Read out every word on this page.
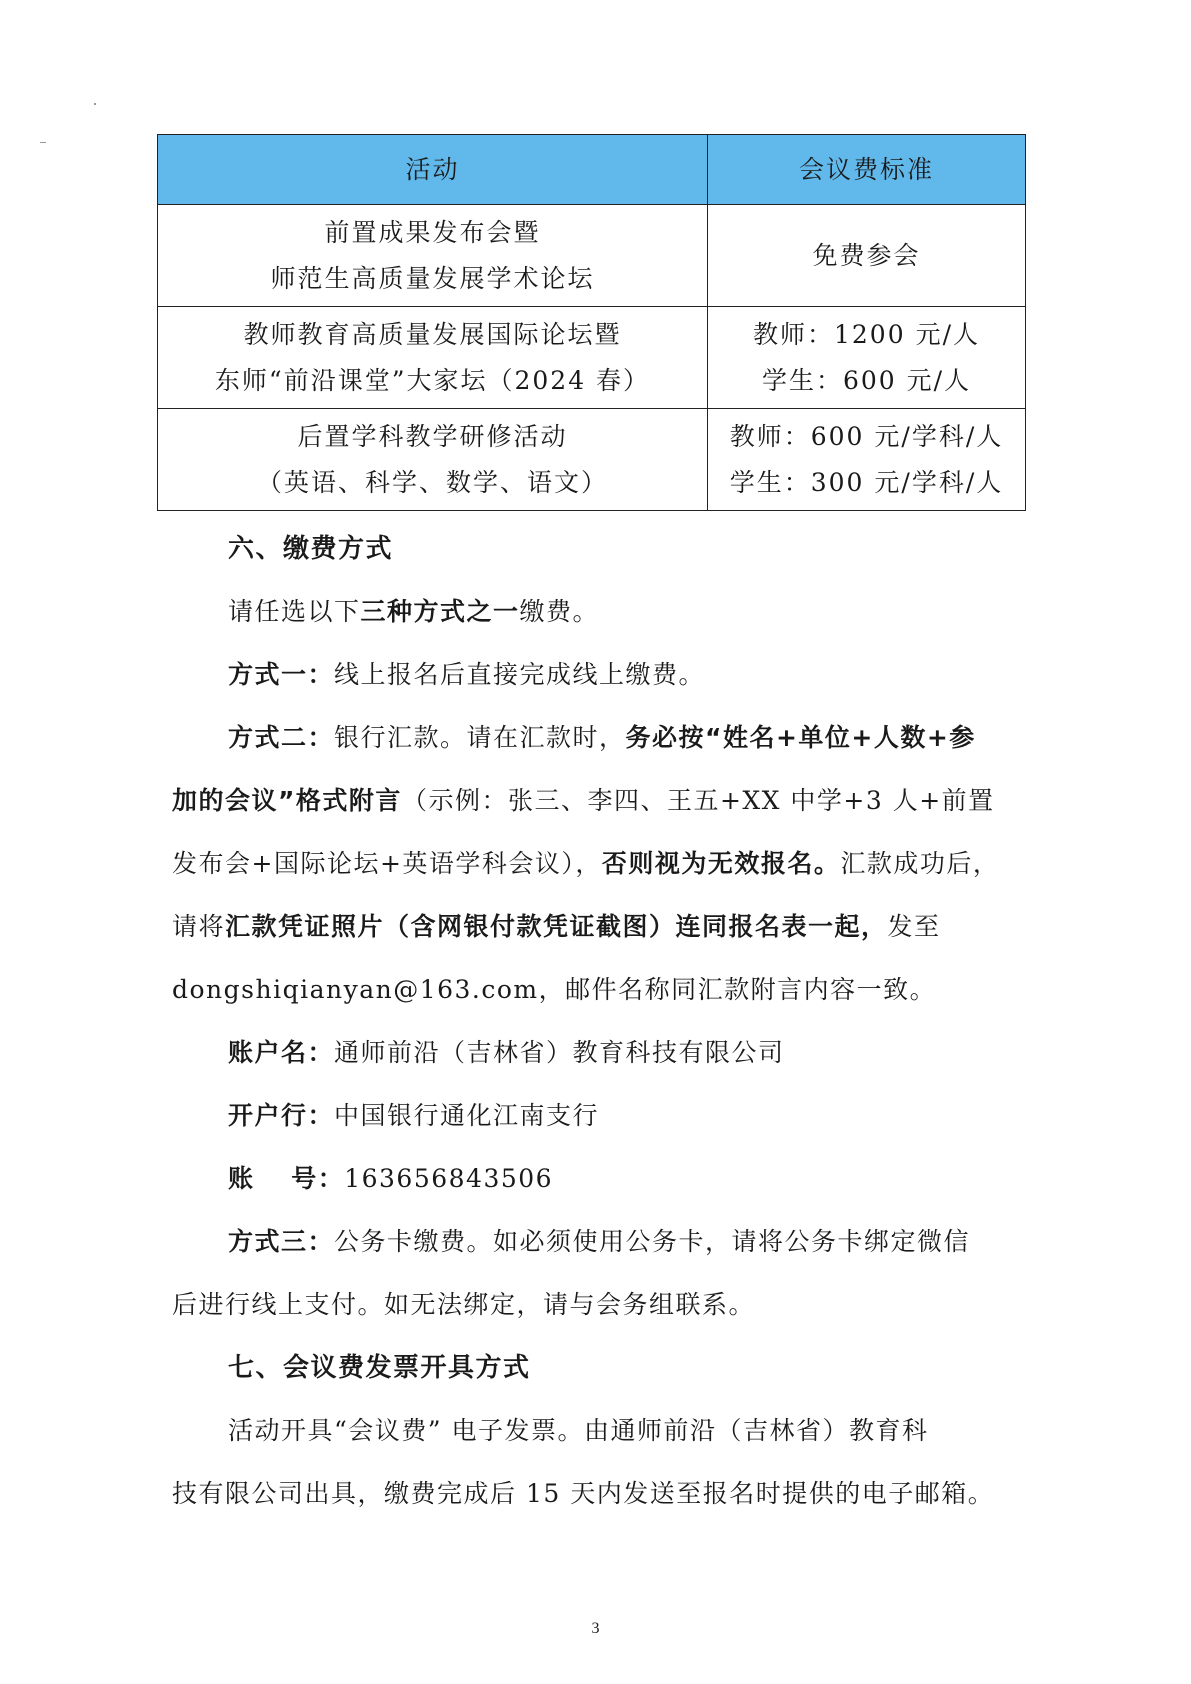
活动	会议费标准

前置成果发布会暨
师范生高质量发展学术论坛	免费参会

教师教育高质量发展国际论坛暨
东师“前沿课堂”大家坛（2024 春）	教师：1200 元/人
学生：600 元/人

后置学科教学研修活动
（英语、科学、数学、语文）	教师：600 元/学科/人
学生：300 元/学科/人

六、缴费方式

请任选以下三种方式之一缴费。

方式一：线上报名后直接完成线上缴费。

方式二：银行汇款。请在汇款时，务必按“姓名+单位+人数+参

加的会议”格式附言（示例：张三、李四、王五+XX 中学+3 人+前置

发布会+国际论坛+英语学科会议），否则视为无效报名。汇款成功后，

请将汇款凭证照片（含网银付款凭证截图）连同报名表一起，发至

dongshiqianyan@163.com，邮件名称同汇款附言内容一致。

账户名：通师前沿（吉林省）教育科技有限公司

开户行：中国银行通化江南支行

账　 号：163656843506

方式三：公务卡缴费。如必须使用公务卡，请将公务卡绑定微信

后进行线上支付。如无法绑定，请与会务组联系。

七、会议费发票开具方式

活动开具“会议费” 电子发票。由通师前沿（吉林省）教育科

技有限公司出具，缴费完成后 15 天内发送至报名时提供的电子邮箱。

3
